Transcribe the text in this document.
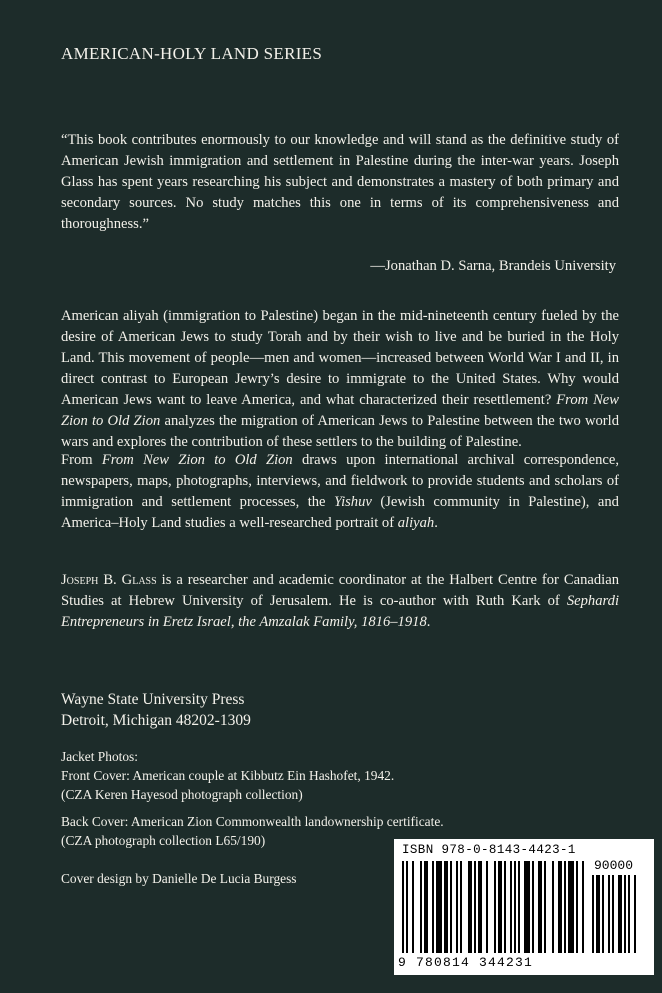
AMERICAN-HOLY LAND SERIES

“This book contributes enormously to our knowledge and will stand as the definitive study of American Jewish immigration and settlement in Palestine during the inter-war years. Joseph Glass has spent years researching his subject and demonstrates a mastery of both primary and secondary sources. No study matches this one in terms of its comprehensiveness and thoroughness.”

—Jonathan D. Sarna, Brandeis University

American aliyah (immigration to Palestine) began in the mid-nineteenth century fueled by the desire of American Jews to study Torah and by their wish to live and be buried in the Holy Land. This movement of people—men and women—increased between World War I and II, in direct contrast to European Jewry’s desire to immigrate to the United States. Why would American Jews want to leave America, and what characterized their resettlement? From New Zion to Old Zion analyzes the migration of American Jews to Palestine between the two world wars and explores the contribution of these settlers to the building of Palestine.

From From New Zion to Old Zion draws upon international archival correspondence, newspapers, maps, photographs, interviews, and fieldwork to provide students and scholars of immigration and settlement processes, the Yishuv (Jewish community in Palestine), and America–Holy Land studies a well-researched portrait of aliyah.

Joseph B. Glass is a researcher and academic coordinator at the Halbert Centre for Canadian Studies at Hebrew University of Jerusalem. He is co-author with Ruth Kark of Sephardi Entrepreneurs in Eretz Israel, the Amzalak Family, 1816–1918.

Wayne State University Press
Detroit, Michigan 48202-1309
Jacket Photos:
Front Cover: American couple at Kibbutz Ein Hashofet, 1942.
(CZA Keren Hayesod photograph collection)
Back Cover: American Zion Commonwealth landownership certificate.
(CZA photograph collection L65/190)
Cover design by Danielle De Lucia Burgess
ISBN 978-0-8143-4423-1
90000
9 780814 344231
